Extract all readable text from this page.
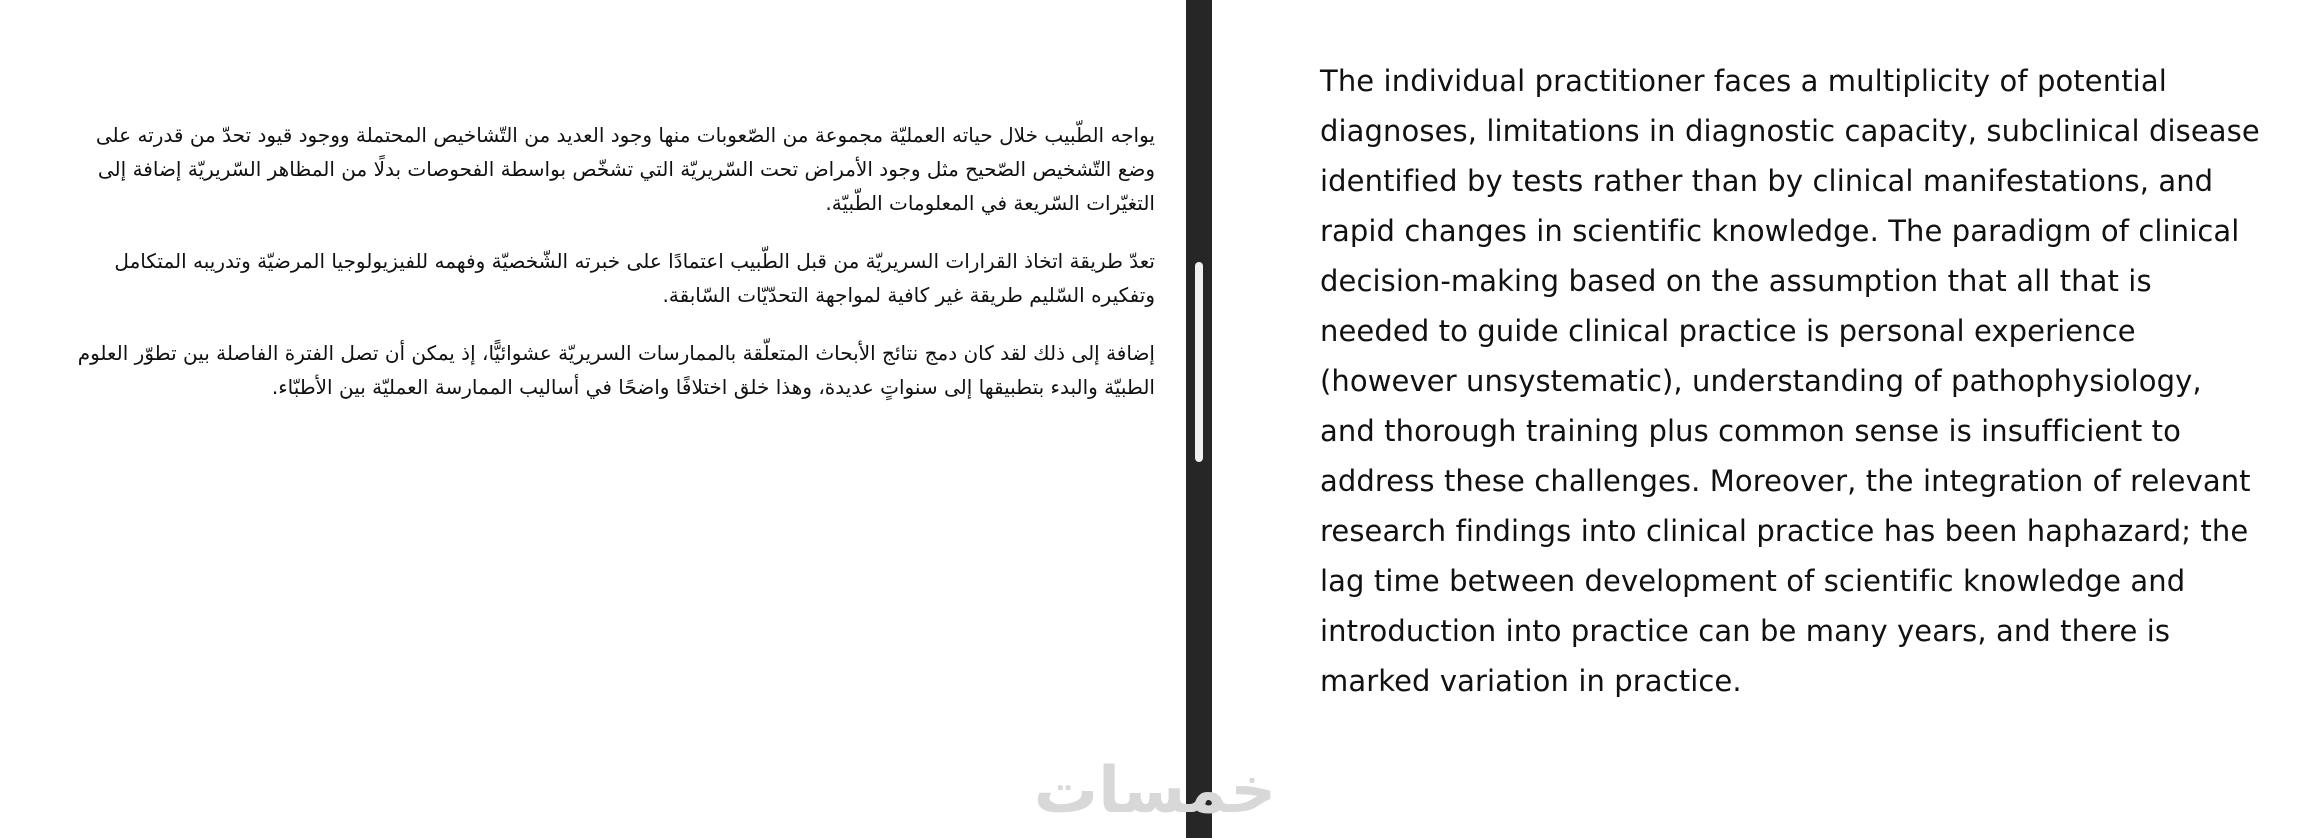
يواجه الطّبيب خلال حياته العمليّة مجموعة من الصّعوبات منها وجود العديد من التّشاخيص المحتملة ووجود قيود تحدّ من قدرته على وضع التّشخيص الصّحيح مثل وجود الأمراض تحت السّريريّة التي تشخّص بواسطة الفحوصات بدلًا من المظاهر السّريريّة إضافة إلى التغيّرات السّريعة في المعلومات الطّبيّة.

تعدّ طريقة اتخاذ القرارات السريريّة من قبل الطّبيب اعتمادًا على خبرته الشّخصيّة وفهمه للفيزيولوجيا المرضيّة وتدريبه المتكامل وتفكيره السّليم طريقة غير كافية لمواجهة التحدّيّات السّابقة.

إضافة إلى ذلك لقد كان دمج نتائج الأبحاث المتعلّقة بالممارسات السريريّة عشوائيًّا، إذ يمكن أن تصل الفترة الفاصلة بين تطوّر العلوم الطبيّة والبدء بتطبيقها إلى سنواتٍ عديدة، وهذا خلق اختلافًا واضحًا في أساليب الممارسة العمليّة بين الأطبّاء.

The individual practitioner faces a multiplicity of potential diagnoses, limitations in diagnostic capacity, subclinical disease identified by tests rather than by clinical manifestations, and rapid changes in scientific knowledge. The paradigm of clinical decision-making based on the assumption that all that is needed to guide clinical practice is personal experience (however unsystematic), understanding of pathophysiology, and thorough training plus common sense is insufficient to address these challenges. Moreover, the integration of relevant research findings into clinical practice has been haphazard; the lag time between development of scientific knowledge and introduction into practice can be many years, and there is marked variation in practice.

خمسات
